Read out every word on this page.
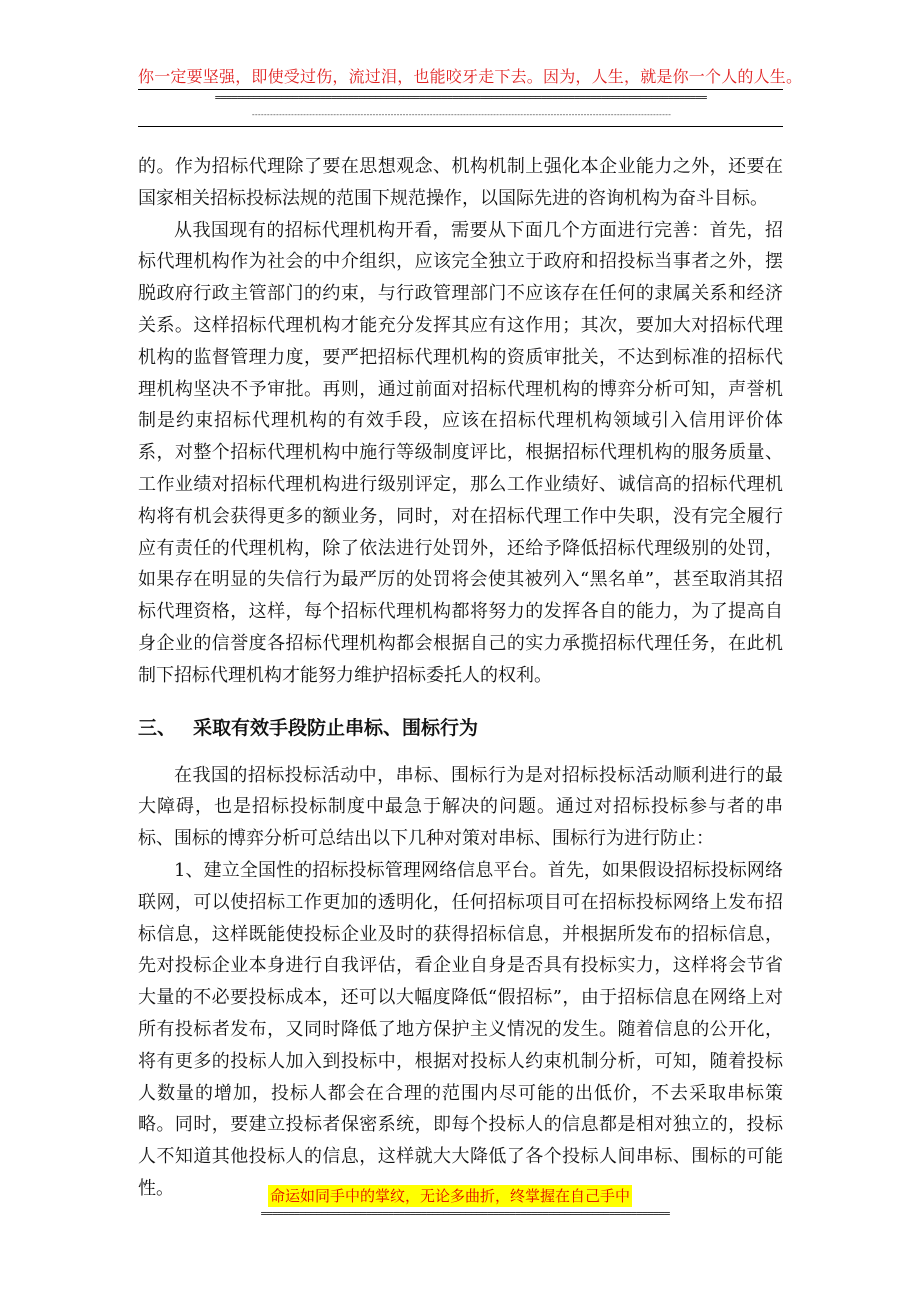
你一定要坚强，即使受过伤，流过泪，也能咬牙走下去。因为，人生，就是你一个人的人生。
=========================================================================================
-------------------------------------------------------------------------------------------------------------------------------------------

的。作为招标代理除了要在思想观念、机构机制上强化本企业能力之外，还要在国家相关招标投标法规的范围下规范操作，以国际先进的咨询机构为奋斗目标。

从我国现有的招标代理机构开看，需要从下面几个方面进行完善：首先，招标代理机构作为社会的中介组织，应该完全独立于政府和招投标当事者之外，摆脱政府行政主管部门的约束，与行政管理部门不应该存在任何的隶属关系和经济关系。这样招标代理机构才能充分发挥其应有这作用；其次，要加大对招标代理机构的监督管理力度，要严把招标代理机构的资质审批关，不达到标准的招标代理机构坚决不予审批。再则，通过前面对招标代理机构的博弈分析可知，声誉机制是约束招标代理机构的有效手段，应该在招标代理机构领域引入信用评价体系，对整个招标代理机构中施行等级制度评比，根据招标代理机构的服务质量、工作业绩对招标代理机构进行级别评定，那么工作业绩好、诚信高的招标代理机构将有机会获得更多的额业务，同时，对在招标代理工作中失职，没有完全履行应有责任的代理机构，除了依法进行处罚外，还给予降低招标代理级别的处罚，如果存在明显的失信行为最严厉的处罚将会使其被列入“黑名单”，甚至取消其招标代理资格，这样，每个招标代理机构都将努力的发挥各自的能力，为了提高自身企业的信誉度各招标代理机构都会根据自己的实力承揽招标代理任务，在此机制下招标代理机构才能努力维护招标委托人的权利。

三、 采取有效手段防止串标、围标行为

在我国的招标投标活动中，串标、围标行为是对招标投标活动顺利进行的最大障碍，也是招标投标制度中最急于解决的问题。通过对招标投标参与者的串标、围标的博弈分析可总结出以下几种对策对串标、围标行为进行防止：

1、建立全国性的招标投标管理网络信息平台。首先，如果假设招标投标网络联网，可以使招标工作更加的透明化，任何招标项目可在招标投标网络上发布招标信息，这样既能使投标企业及时的获得招标信息，并根据所发布的招标信息，先对投标企业本身进行自我评估，看企业自身是否具有投标实力，这样将会节省大量的不必要投标成本，还可以大幅度降低“假招标”，由于招标信息在网络上对所有投标者发布，又同时降低了地方保护主义情况的发生。随着信息的公开化，将有更多的投标人加入到投标中，根据对投标人约束机制分析，可知，随着投标人数量的增加，投标人都会在合理的范围内尽可能的出低价，不去采取串标策略。同时，要建立投标者保密系统，即每个投标人的信息都是相对独立的，投标人不知道其他投标人的信息，这样就大大降低了各个投标人间串标、围标的可能性。	命运如同手中的掌纹，无论多曲折，终掌握在自己手中
==========================================================================
